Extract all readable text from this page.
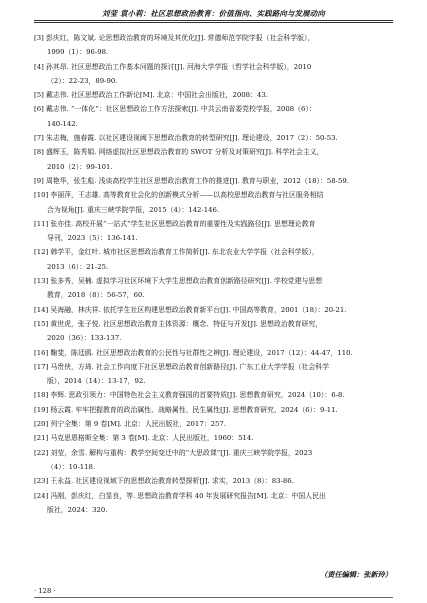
刘莹 袁小莉：社区思想政治教育：价值指向、实践路向与发展动向
[3] 彭庆红，陈文斌. 论思想政治教育的环境及其优化[J]. 常德师范学院学报（社会科学版），
1999（1）：96-98.
[4] 孙其昂. 社区思想政治工作基本问题的探讨[J]. 河海大学学报（哲学社会科学版），2010
（2）：22-23，89-90.
[5] 戴志伟. 社区思想政治工作新论[M]. 北京：中国社会出版社，2008：43.
[6] 戴志伟. “一体化”：社区思想政治工作方法探索[J]. 中共云南省委党校学报，2008（6）：
140-142.
[7] 朱志梅，施春霞. 以社区建设视阈下思想政治教育的转型研究[J]. 理论建设，2017（2）：50-53.
[8] 盛辉玉，陈秀娟. 网络虚拟社区思想政治教育的 SWOT 分析及对策研究[J]. 科学社会主义，
2010（2）：99-101.
[9] 周艳华，张生彪. 浅谈高校学生社区思想政治教育工作的推进[J]. 教育与职业，2012（18）：58-59.
[10] 李丽萍，王志雄. 高等教育社会化的创新模式分析——以高校思想政治教育与社区服务相结
合为视角[J]. 重庆三峡学院学报，2015（4）：142-146.
[11] 张亦佳. 高校开展“一站式”学生社区思想政治教育的重要性及实践路径[J]. 思想理论教育
导刊，2023（5）：136-141.
[12] 韩学平，金红叶. 城市社区思想政治教育工作简析[J]. 东北农业大学学报（社会科学版），
2013（6）：21-25.
[13] 张多秀，吴楠. 虚拟学习社区环境下大学生思想政治教育创新路径研究[J]. 学校党建与思想
教育，2018（8）：56-57，60.
[14] 吴海融，林庆祥. 依托学生社区构建思想政治教育新平台[J]. 中国高等教育，2001（18）：20-21.
[15] 黄世虎，张子悦. 社区思想政治教育主体资源：概念、特征与开发[J]. 思想政治教育研究，
2020（36）：133-137.
[16] 鞠斐，陈廷鸥. 社区思想政治教育的公民性与社群性之辨[J]. 理论建设，2017（12）：44-47，110.
[17] 马贵侠，方琦. 社会工作向度下社区思想政治教育创新路径[J]. 广东工业大学学报（社会科学
版），2014（14）：13-17，92.
[18] 李辉. 思政引领力：中国特色社会主义教育强国的首要特质[J]. 思想教育研究，2024（10）：6-8.
[19] 杨云霞. 牢牢把握教育的政治属性、战略属性、民生属性[J]. 思想教育研究，2024（6）：9-11.
[20] 列宁全集：第 9 卷[M]. 北京：人民出版社，2017：257.
[21] 马克思恩格斯全集：第 3 卷[M]. 北京：人民出版社，1960：514.
[22] 刘莹，余雪. 解构与重构：教学空间变迁中的“大思政课”[J]. 重庆三峡学院学报，2023
（4）：10-118.
[23] 王永益. 社区建设视域下的思想政治教育转型探析[J]. 求实，2013（8）：83-86.
[24] 冯刚，彭庆红，白显良，等. 思想政治教育学科 40 年发展研究报告[M]. 北京：中国人民出
版社，2024：320.
（责任编辑：张新玲）
· 128 ·
